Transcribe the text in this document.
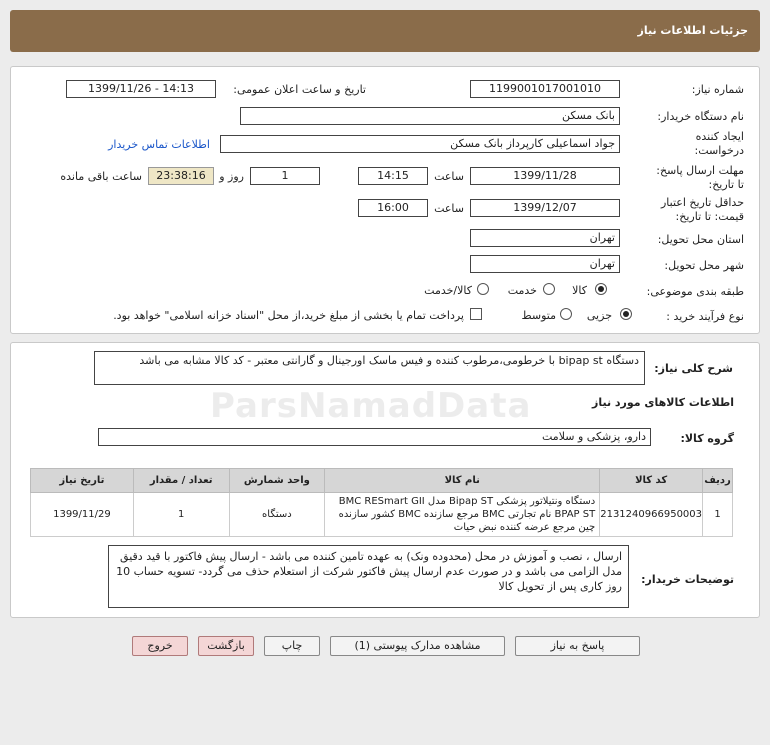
جزئیات اطلاعات نیاز
شماره نیاز:
1199001017001010
تاریخ و ساعت اعلان عمومی:
1399/11/26 - 14:13
نام دستگاه خریدار:
بانک مسکن
ایجاد کننده
درخواست:
جواد اسماعیلی کارپرداز بانک مسکن
اطلاعات تماس خریدار
مهلت ارسال پاسخ:
تا تاریخ:
1399/11/28
ساعت
14:15
1
روز و
23:38:16
ساعت باقی مانده
حداقل تاریخ اعتبار
قیمت: تا تاریخ:
1399/12/07
ساعت
16:00
استان محل تحویل:
تهران
شهر محل تحویل:
تهران
طبقه بندی موضوعی:
کالا
خدمت
کالا/خدمت
نوع فرآیند خرید :
جزیی
متوسط
پرداخت تمام یا بخشی از مبلغ خرید،از محل "اسناد خزانه اسلامی" خواهد بود.
شرح کلی نیاز:
دستگاه bipap st با خرطومی،مرطوب کننده و فیس ماسک اورجینال و گارانتی معتبر - کد کالا مشابه می باشد
ParsNamadData	اطلاعات کالاهای مورد نیاز
گروه کالا:
دارو، پزشکی و سلامت
ردیف	کد کالا	نام کالا	واحد شمارش	تعداد / مقدار	تاریخ نیاز
1	2131240966950003	دستگاه ونتیلاتور پزشکی Bipap ST مدل BMC RESmart GII BPAP ST نام تجارتی BMC مرجع سازنده BMC کشور سازنده چین مرجع عرضه کننده نبض حیات	دستگاه	1	1399/11/29
توضیحات خریدار:
ارسال ، نصب و آموزش در محل (محدوده ونک) به عهده تامین کننده می باشد - ارسال پیش فاکتور با قید دقیق مدل الزامی می باشد و در صورت عدم ارسال پیش فاکتور شرکت از استعلام حذف می گردد- تسویه حساب 10 روز کاری پس از تحویل کالا
پاسخ به نیاز
مشاهده مدارک پیوستی (1)
چاپ
بازگشت
خروج
